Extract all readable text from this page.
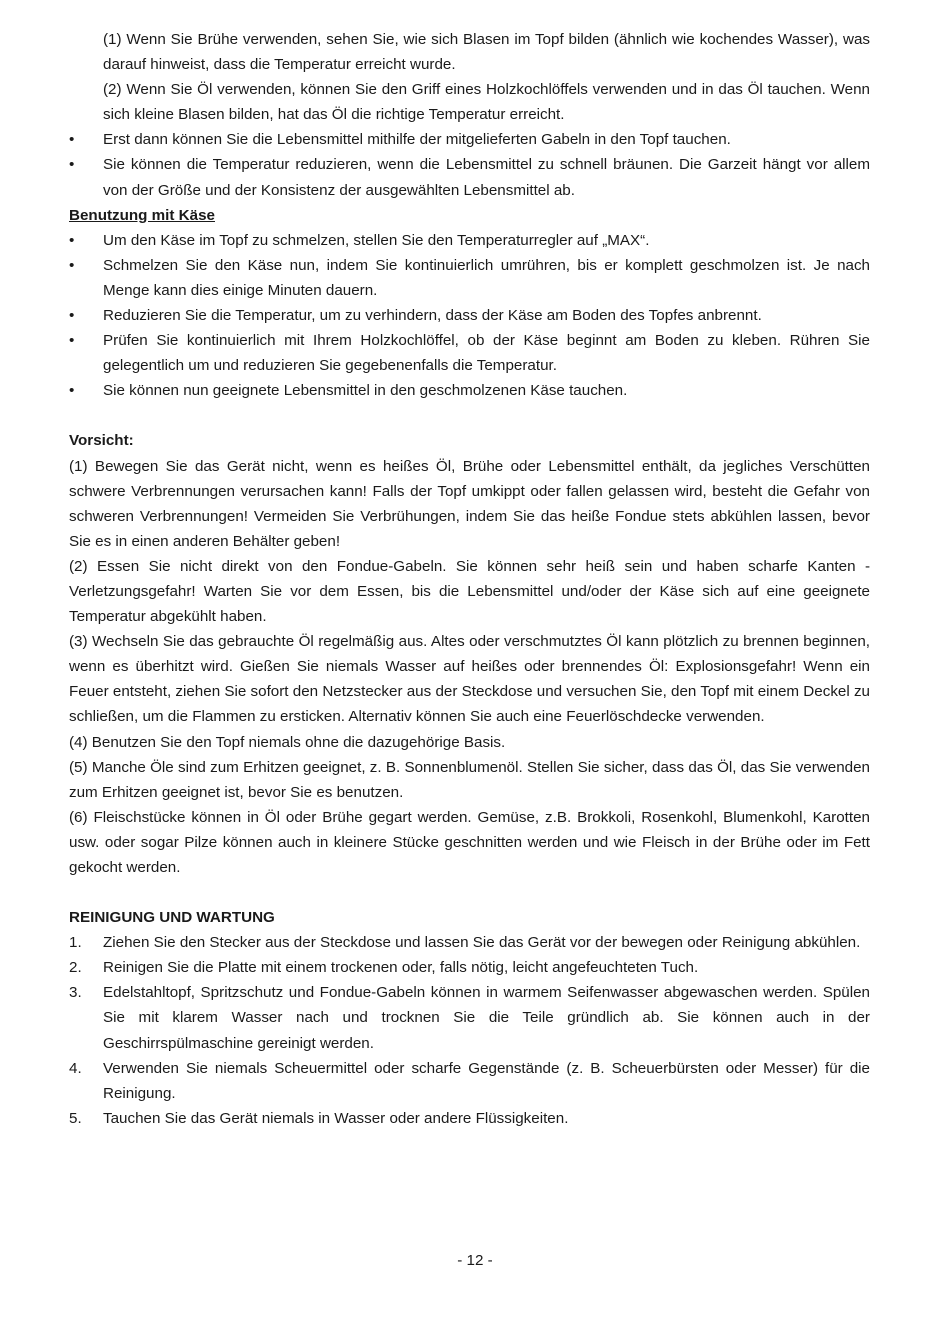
(1) Wenn Sie Brühe verwenden, sehen Sie, wie sich Blasen im Topf bilden (ähnlich wie kochendes Wasser), was darauf hinweist, dass die Temperatur erreicht wurde.

(2) Wenn Sie Öl verwenden, können Sie den Griff eines Holzkochlöffels verwenden und in das Öl tauchen. Wenn sich kleine Blasen bilden, hat das Öl die richtige Temperatur erreicht.

•	Erst dann können Sie die Lebensmittel mithilfe der mitgelieferten Gabeln in den Topf tauchen.
•	Sie können die Temperatur reduzieren, wenn die Lebensmittel zu schnell bräunen. Die Garzeit hängt vor allem von der Größe und der Konsistenz der ausgewählten Lebensmittel ab.

Benutzung mit Käse

•	Um den Käse im Topf zu schmelzen, stellen Sie den Temperaturregler auf „MAX“.
•	Schmelzen Sie den Käse nun, indem Sie kontinuierlich umrühren, bis er komplett geschmolzen ist. Je nach Menge kann dies einige Minuten dauern.
•	Reduzieren Sie die Temperatur, um zu verhindern, dass der Käse am Boden des Topfes anbrennt.
•	Prüfen Sie kontinuierlich mit Ihrem Holzkochlöffel, ob der Käse beginnt am Boden zu kleben. Rühren Sie gelegentlich um und reduzieren Sie gegebenenfalls die Temperatur.
•	Sie können nun geeignete Lebensmittel in den geschmolzenen Käse tauchen.

Vorsicht:

(1) Bewegen Sie das Gerät nicht, wenn es heißes Öl, Brühe oder Lebensmittel enthält, da jegliches Verschütten schwere Verbrennungen verursachen kann! Falls der Topf umkippt oder fallen gelassen wird, besteht die Gefahr von schweren Verbrennungen! Vermeiden Sie Verbrühungen, indem Sie das heiße Fondue stets abkühlen lassen, bevor Sie es in einen anderen Behälter geben!

(2) Essen Sie nicht direkt von den Fondue-Gabeln. Sie können sehr heiß sein und haben scharfe Kanten - Verletzungsgefahr! Warten Sie vor dem Essen, bis die Lebensmittel und/oder der Käse sich auf eine geeignete Temperatur abgekühlt haben.

(3) Wechseln Sie das gebrauchte Öl regelmäßig aus. Altes oder verschmutztes Öl kann plötzlich zu brennen beginnen, wenn es überhitzt wird. Gießen Sie niemals Wasser auf heißes oder brennendes Öl: Explosionsgefahr! Wenn ein Feuer entsteht, ziehen Sie sofort den Netzstecker aus der Steckdose und versuchen Sie, den Topf mit einem Deckel zu schließen, um die Flammen zu ersticken. Alternativ können Sie auch eine Feuerlöschdecke verwenden.

(4) Benutzen Sie den Topf niemals ohne die dazugehörige Basis.

(5) Manche Öle sind zum Erhitzen geeignet, z. B. Sonnenblumenöl. Stellen Sie sicher, dass das Öl, das Sie verwenden zum Erhitzen geeignet ist, bevor Sie es benutzen.

(6) Fleischstücke können in Öl oder Brühe gegart werden. Gemüse, z.B. Brokkoli, Rosenkohl, Blumenkohl, Karotten usw. oder sogar Pilze können auch in kleinere Stücke geschnitten werden und wie Fleisch in der Brühe oder im Fett gekocht werden.

REINIGUNG UND WARTUNG

1.	Ziehen Sie den Stecker aus der Steckdose und lassen Sie das Gerät vor der bewegen oder Reinigung abkühlen.
2.	Reinigen Sie die Platte mit einem trockenen oder, falls nötig, leicht angefeuchteten Tuch.
3.	Edelstahltopf, Spritzschutz und Fondue-Gabeln können in warmem Seifenwasser abgewaschen werden. Spülen Sie mit klarem Wasser nach und trocknen Sie die Teile gründlich ab. Sie können auch in der Geschirrspülmaschine gereinigt werden.
4.	Verwenden Sie niemals Scheuermittel oder scharfe Gegenstände (z. B. Scheuerbürsten oder Messer) für die Reinigung.
5.	Tauchen Sie das Gerät niemals in Wasser oder andere Flüssigkeiten.
- 12 -
